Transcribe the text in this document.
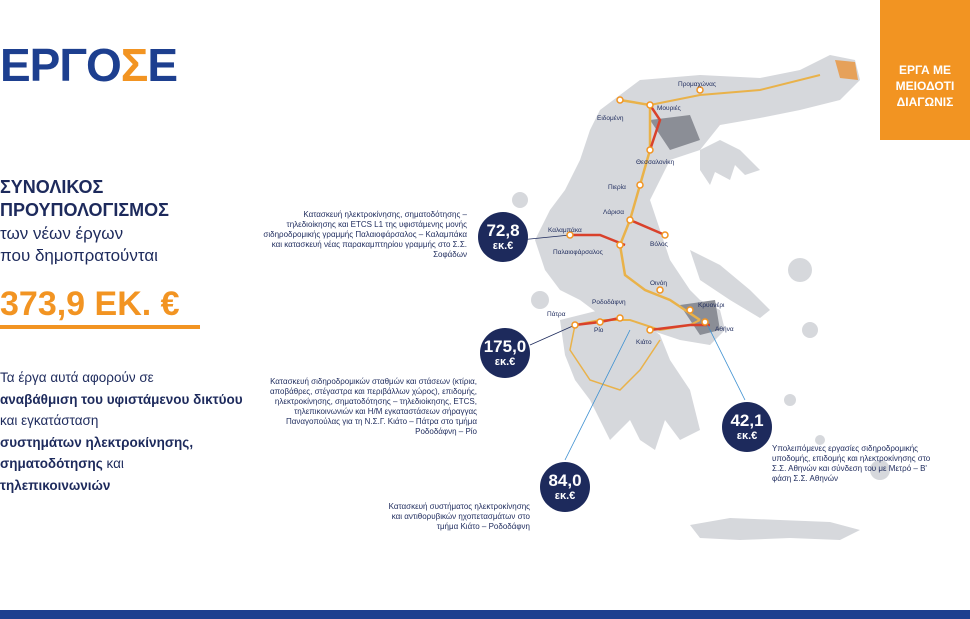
ΕΡΓΟΣΕ
ΣΥΝΟΛΙΚΟΣ
ΠΡΟΥΠΟΛΟΓΙΣΜΟΣ
των νέων έργων
που δημοπρατούνται
373,9 ΕΚ. €
Τα έργα αυτά αφορούν σε
αναβάθμιση του υφιστάμενου δικτύου και εγκατάσταση
συστημάτων ηλεκτροκίνησης,
σηματοδότησης και
τηλεπικοινωνιών
ΕΡΓΑ ΜΕ
ΜΕΙΟΔΟΤΙ
ΔΙΑΓΩΝΙΣ
Προμαχώνας
Μουριές
Ειδομένη
Θεσσαλονίκη
Πιερία
Λάρισα
Καλαμπάκα
Βόλος
Παλαιοφάρσαλος
Οινόη
Ροδοδάφνη
Πάτρα
Ρίο
Κιάτο
Κρυονέρι
Αθήνα
72,8
εκ.€
Κατασκευή ηλεκτροκίνησης, σηματοδότησης – τηλεδιοίκησης και ETCS L1 της υφιστάμενης μονής σιδηροδρομικής γραμμής Παλαιοφάρσαλος – Καλαμπάκα και κατασκευή νέας παρακαμπτηρίου γραμμής στο Σ.Σ. Σοφάδων
175,0
εκ.€
Κατασκευή σιδηροδρομικών σταθμών και στάσεων (κτίρια, αποβάθρες, στέγαστρα και περιβάλλων χώρος), επιδομής, ηλεκτροκίνησης, σηματοδότησης – τηλεδιοίκησης, ETCS, τηλεπικοινωνιών και Η/Μ εγκαταστάσεων σήραγγας Παναγοπούλας για τη Ν.Σ.Γ. Κιάτο – Πάτρα στο τμήμα Ροδοδάφνη – Ρίο
84,0
εκ.€
Κατασκευή συστήματος ηλεκτροκίνησης και αντιθορυβικών ηχοπετασμάτων στο τμήμα Κιάτο – Ροδοδάφνη
42,1
εκ.€
Υπολειπόμενες εργασίες σιδηροδρομικής υποδομής, επιδομής και ηλεκτροκίνησης στο Σ.Σ. Αθηνών και σύνδεση του με Μετρό – Β' φάση Σ.Σ. Αθηνών
